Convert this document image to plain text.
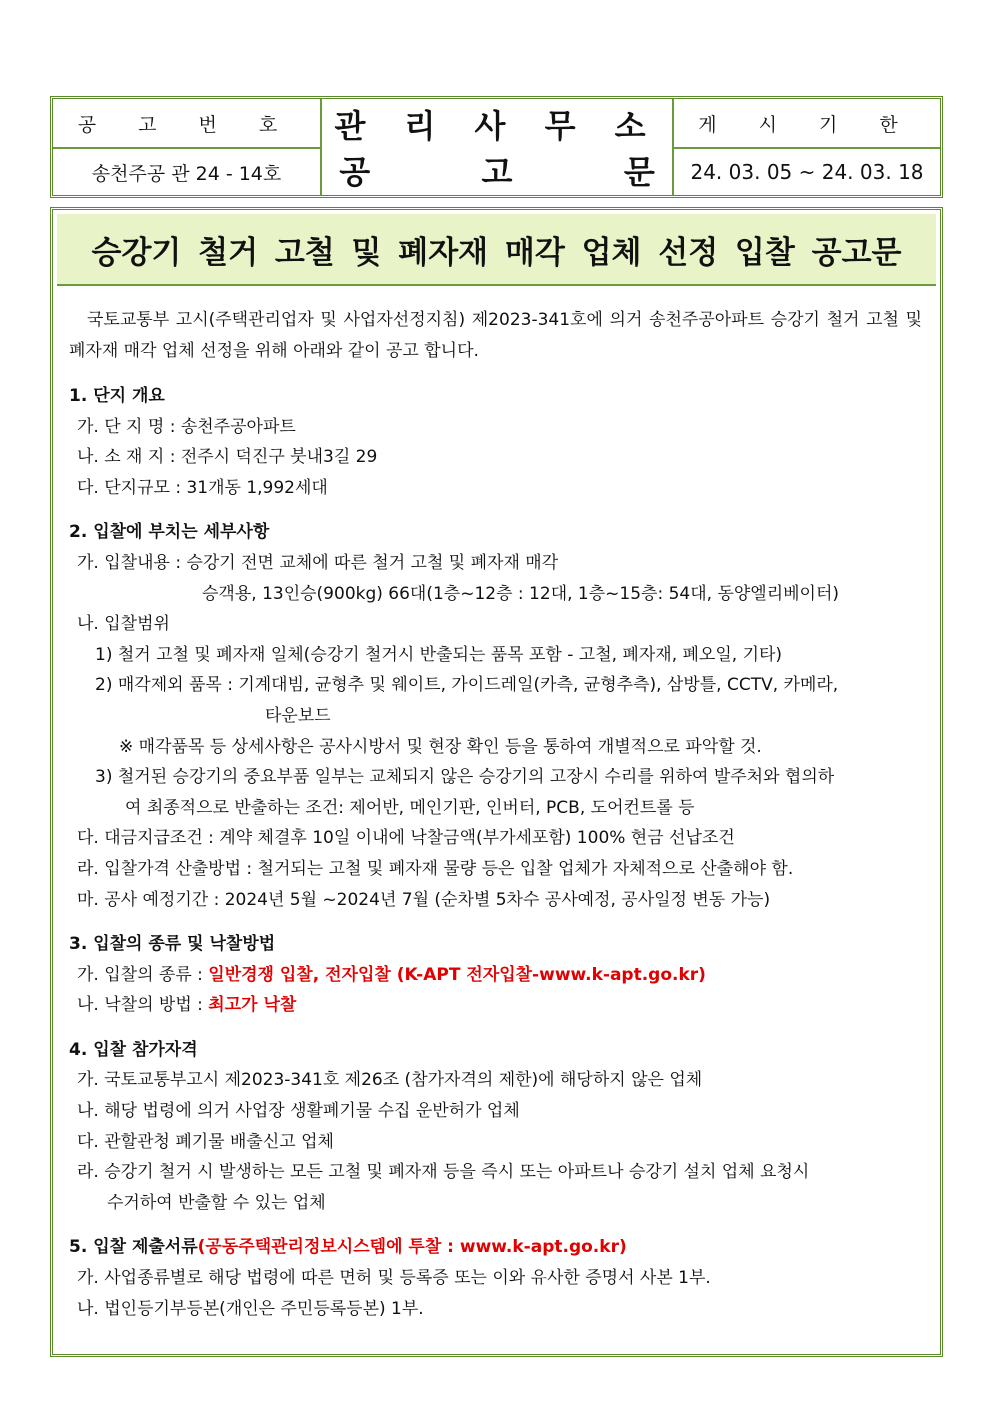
공 고 번 호
송천주공 관 24 - 14호
관 리 사 무 소
공          고          문
게 시 기 한
24. 03. 05 ~ 24. 03. 18
승강기 철거 고철 및 폐자재 매각 업체 선정 입찰 공고문

국토교통부 고시(주택관리업자 및 사업자선정지침) 제2023-341호에 의거 송천주공아파트 승강기 철거 고철 및 폐자재 매각 업체 선정을 위해 아래와 같이 공고 합니다.

1. 단지 개요

가. 단 지 명 : 송천주공아파트

나. 소 재 지 : 전주시 덕진구 붓내3길 29

다. 단지규모 : 31개동 1,992세대

2. 입찰에 부치는 세부사항

가. 입찰내용 : 승강기 전면 교체에 따른 철거 고철 및 폐자재 매각

승객용, 13인승(900kg) 66대(1층~12층 : 12대, 1층~15층: 54대, 동양엘리베이터)

나. 입찰범위

1) 철거 고철 및 폐자재 일체(승강기 철거시 반출되는 품목 포함 - 고철, 폐자재, 폐오일, 기타)

2) 매각제외 품목 : 기계대빔, 균형추 및 웨이트, 가이드레일(카측, 균형추측), 삼방틀, CCTV, 카메라,

타운보드

※ 매각품목 등 상세사항은 공사시방서 및 현장 확인 등을 통하여 개별적으로 파악할 것.

3) 철거된 승강기의 중요부품 일부는 교체되지 않은 승강기의 고장시 수리를 위하여 발주처와 협의하

여 최종적으로 반출하는 조건: 제어반, 메인기판, 인버터, PCB, 도어컨트롤 등

다. 대금지급조건 : 계약 체결후 10일 이내에 낙찰금액(부가세포함) 100% 현금 선납조건

라. 입찰가격 산출방법 : 철거되는 고철 및 폐자재 물량 등은 입찰 업체가 자체적으로 산출해야 함.

마. 공사 예정기간 : 2024년 5월 ~2024년 7월 (순차별 5차수 공사예정, 공사일정 변동 가능)

3. 입찰의 종류 및 낙찰방법

가. 입찰의 종류 : 일반경쟁 입찰, 전자입찰 (K-APT 전자입찰-www.k-apt.go.kr)

나. 낙찰의 방법 : 최고가 낙찰

4. 입찰 참가자격

가. 국토교통부고시 제2023-341호 제26조 (참가자격의 제한)에 해당하지 않은 업체

나. 해당 법령에 의거 사업장 생활폐기물 수집 운반허가 업체

다. 관할관청 폐기물 배출신고 업체

라. 승강기 철거 시 발생하는 모든 고철 및 폐자재 등을 즉시 또는 아파트나 승강기 설치 업체 요청시

수거하여 반출할 수 있는 업체

5. 입찰 제출서류(공동주택관리정보시스템에 투찰 : www.k-apt.go.kr)

가. 사업종류별로 해당 법령에 따른 면허 및 등록증 또는 이와 유사한 증명서 사본 1부.

나. 법인등기부등본(개인은 주민등록등본) 1부.
